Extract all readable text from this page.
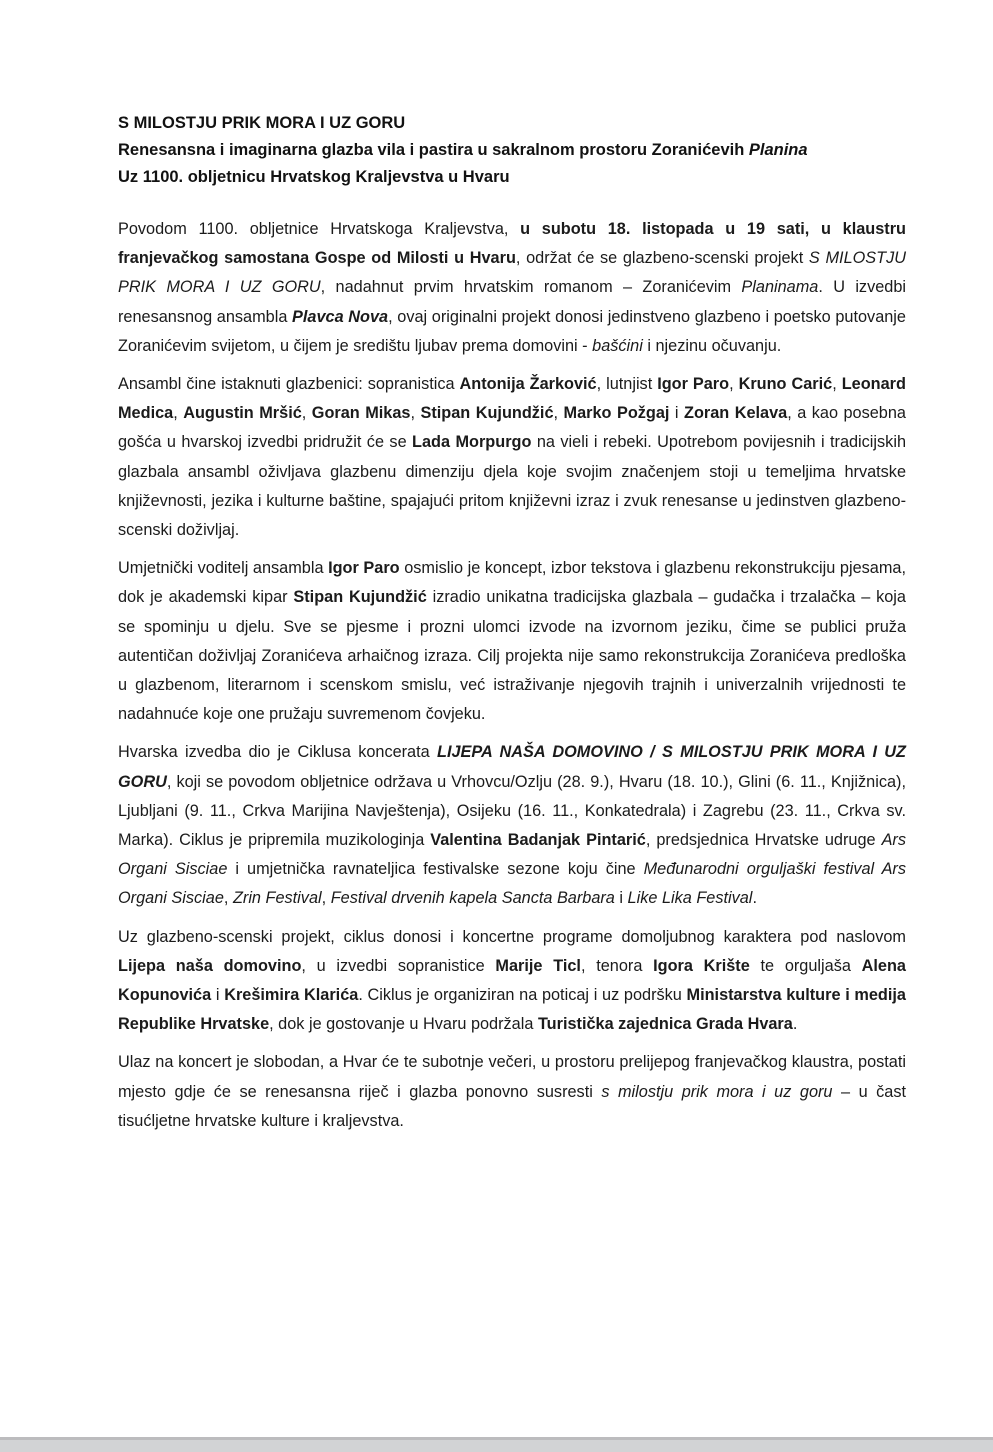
S MILOSTJU PRIK MORA I UZ GORU
Renesansna i imaginarna glazba vila i pastira u sakralnom prostoru Zoranićevih Planina
Uz 1100. obljetnicu Hrvatskog Kraljevstva u Hvaru

Povodom 1100. obljetnice Hrvatskoga Kraljevstva, u subotu 18. listopada u 19 sati, u klaustru franjevačkog samostana Gospe od Milosti u Hvaru, održat će se glazbeno-scenski projekt S MILOSTJU PRIK MORA I UZ GORU, nadahnut prvim hrvatskim romanom – Zoranićevim Planinama. U izvedbi renesansnog ansambla Plavca Nova, ovaj originalni projekt donosi jedinstveno glazbeno i poetsko putovanje Zoranićevim svijetom, u čijem je središtu ljubav prema domovini - bašćini i njezinu očuvanju.

Ansambl čine istaknuti glazbenici: sopranistica Antonija Žarković, lutnjist Igor Paro, Kruno Carić, Leonard Medica, Augustin Mršić, Goran Mikas, Stipan Kujundžić, Marko Požgaj i Zoran Kelava, a kao posebna gošća u hvarskoj izvedbi pridružit će se Lada Morpurgo na vieli i rebeki. Upotrebom povijesnih i tradicijskih glazbala ansambl oživljava glazbenu dimenziju djela koje svojim značenjem stoji u temeljima hrvatske književnosti, jezika i kulturne baštine, spajajući pritom književni izraz i zvuk renesanse u jedinstven glazbeno-scenski doživljaj.

Umjetnički voditelj ansambla Igor Paro osmislio je koncept, izbor tekstova i glazbenu rekonstrukciju pjesama, dok je akademski kipar Stipan Kujundžić izradio unikatna tradicijska glazbala – gudačka i trzalačka – koja se spominju u djelu. Sve se pjesme i prozni ulomci izvode na izvornom jeziku, čime se publici pruža autentičan doživljaj Zoranićeva arhaičnog izraza. Cilj projekta nije samo rekonstrukcija Zoranićeva predloška u glazbenom, literarnom i scenskom smislu, već istraživanje njegovih trajnih i univerzalnih vrijednosti te nadahnuće koje one pružaju suvremenom čovjeku.

Hvarska izvedba dio je Ciklusa koncerata LIJEPA NAŠA DOMOVINO / S MILOSTJU PRIK MORA I UZ GORU, koji se povodom obljetnice održava u Vrhovcu/Ozlju (28. 9.), Hvaru (18. 10.), Glini (6. 11., Knjižnica), Ljubljani (9. 11., Crkva Marijina Navještenja), Osijeku (16. 11., Konkatedrala) i Zagrebu (23. 11., Crkva sv. Marka). Ciklus je pripremila muzikologinja Valentina Badanjak Pintarić, predsjednica Hrvatske udruge Ars Organi Sisciae i umjetnička ravnateljica festivalske sezone koju čine Međunarodni orguljaški festival Ars Organi Sisciae, Zrin Festival, Festival drvenih kapela Sancta Barbara i Like Lika Festival.

Uz glazbeno-scenski projekt, ciklus donosi i koncertne programe domoljubnog karaktera pod naslovom Lijepa naša domovino, u izvedbi sopranistice Marije Ticl, tenora Igora Krište te orguljaša Alena Kopunovića i Krešimira Klarića. Ciklus je organiziran na poticaj i uz podršku Ministarstva kulture i medija Republike Hrvatske, dok je gostovanje u Hvaru podržala Turistička zajednica Grada Hvara.

Ulaz na koncert je slobodan, a Hvar će te subotnje večeri, u prostoru prelijepog franjevačkog klaustra, postati mjesto gdje će se renesansna riječ i glazba ponovno susresti s milostju prik mora i uz goru – u čast tisućljetne hrvatske kulture i kraljevstva.
